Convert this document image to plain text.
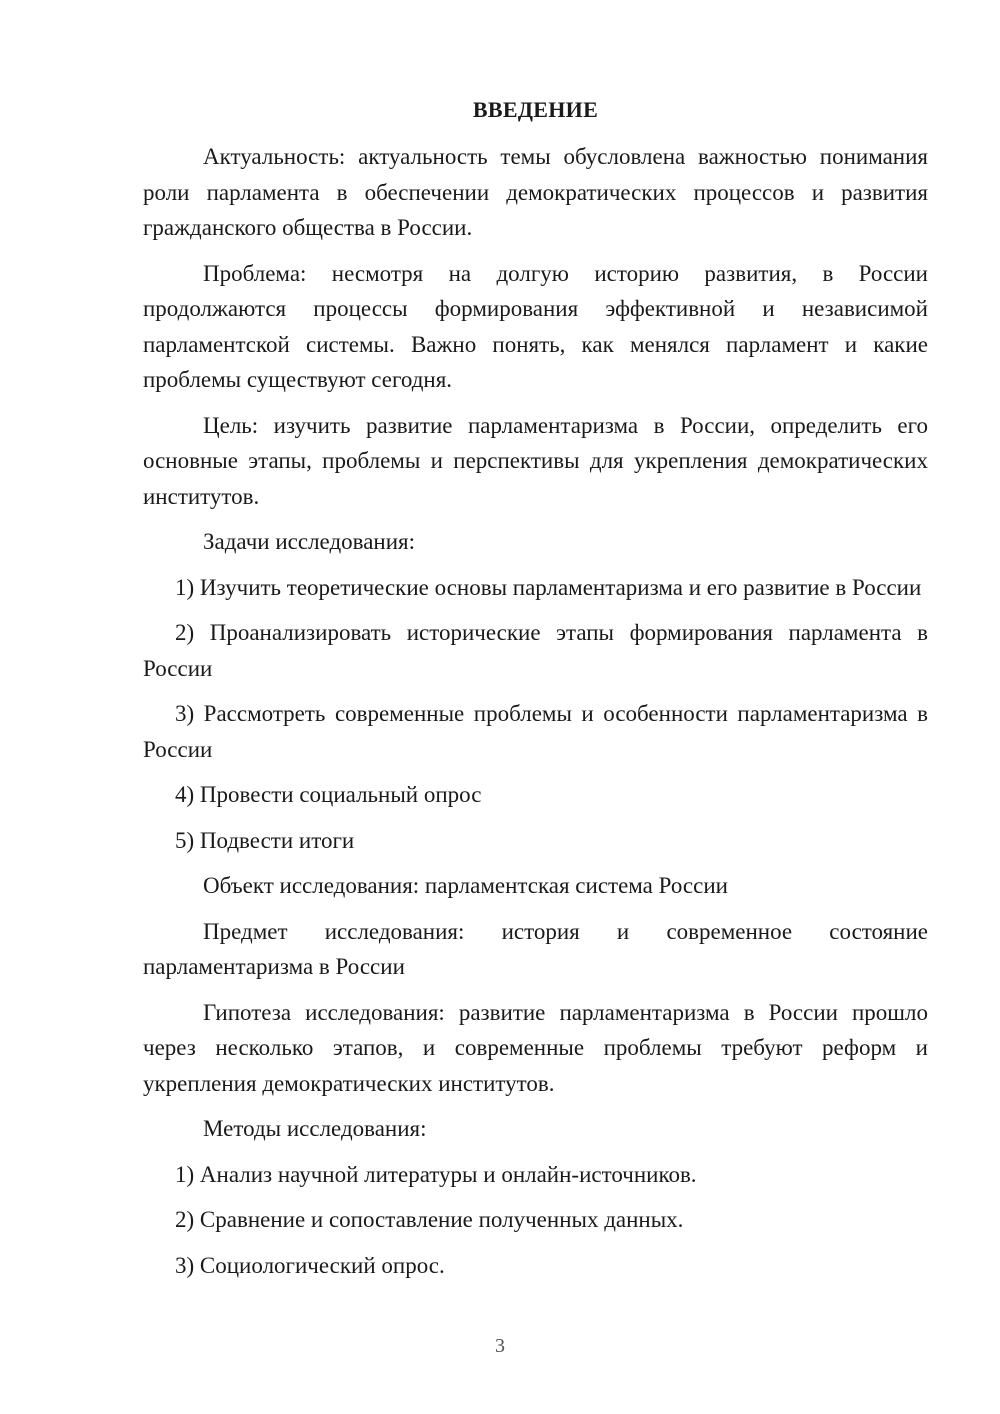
ВВЕДЕНИЕ

Актуальность: актуальность темы обусловлена важностью понимания роли парламента в обеспечении демократических процессов и развития гражданского общества в России.

Проблема: несмотря на долгую историю развития, в России продолжаются процессы формирования эффективной и независимой парламентской системы. Важно понять, как менялся парламент и какие проблемы существуют сегодня.

Цель: изучить развитие парламентаризма в России, определить его основные этапы, проблемы и перспективы для укрепления демократических институтов.

Задачи исследования:

1) Изучить теоретические основы парламентаризма и его развитие в России

2) Проанализировать исторические этапы формирования парламента в России

3) Рассмотреть современные проблемы и особенности парламентаризма в России

4) Провести социальный опрос

5) Подвести итоги

Объект исследования: парламентская система России

Предмет исследования: история и современное состояние парламентаризма в России

Гипотеза исследования: развитие парламентаризма в России прошло через несколько этапов, и современные проблемы требуют реформ и укрепления демократических институтов.

Методы исследования:

1) Анализ научной литературы и онлайн-источников.

2) Сравнение и сопоставление полученных данных.

3) Социологический опрос.

3
